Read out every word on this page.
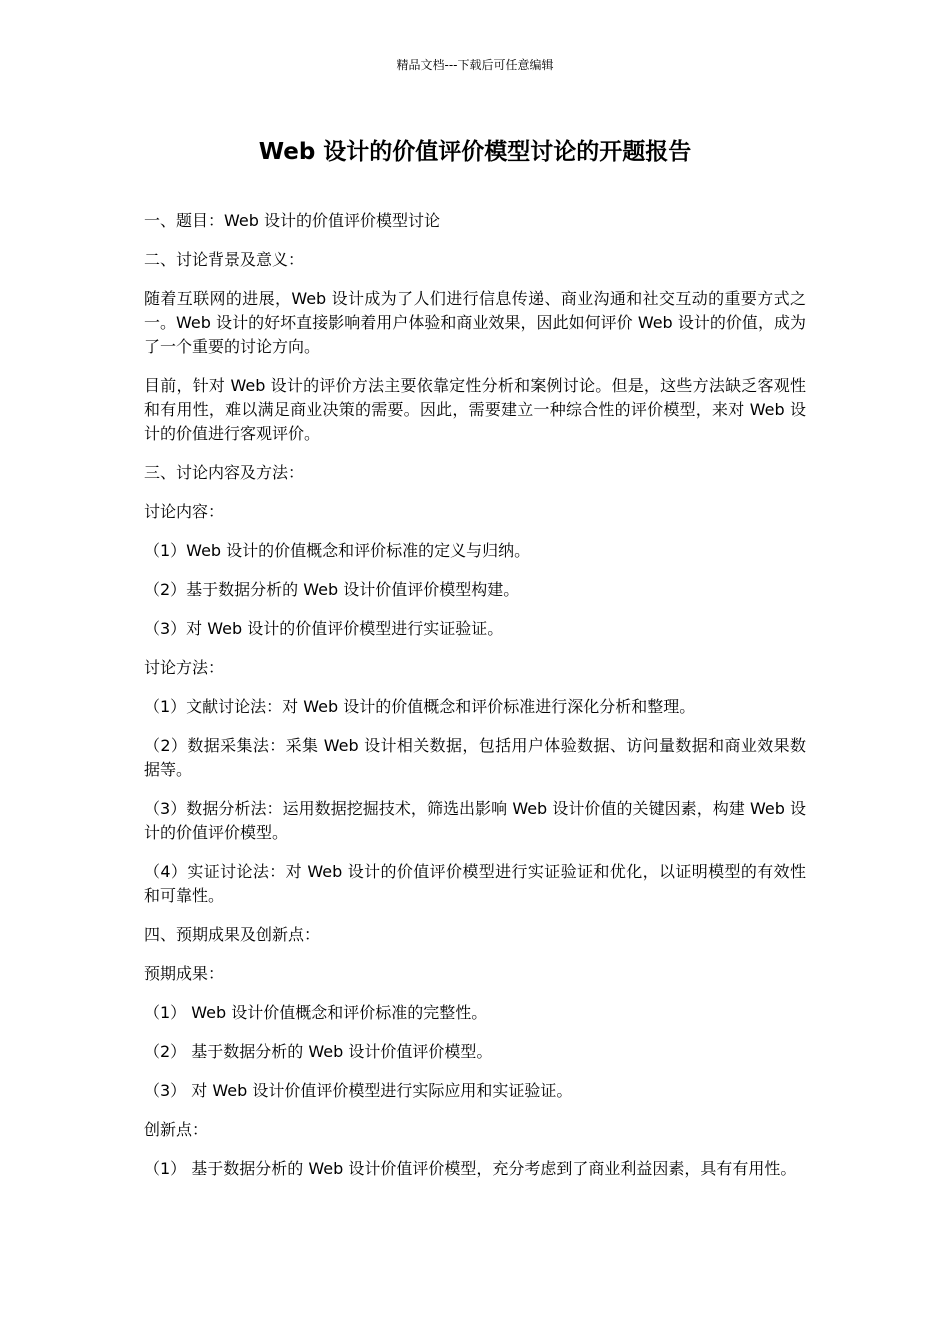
精品文档---下载后可任意编辑
Web 设计的价值评价模型讨论的开题报告

一、题目：Web 设计的价值评价模型讨论

二、讨论背景及意义：

随着互联网的进展，Web 设计成为了人们进行信息传递、商业沟通和社交互动的重要方式之一。Web 设计的好坏直接影响着用户体验和商业效果，因此如何评价 Web 设计的价值，成为了一个重要的讨论方向。

目前，针对 Web 设计的评价方法主要依靠定性分析和案例讨论。但是，这些方法缺乏客观性和有用性，难以满足商业决策的需要。因此，需要建立一种综合性的评价模型，来对 Web 设计的价值进行客观评价。

三、讨论内容及方法：

讨论内容：

（1）Web 设计的价值概念和评价标准的定义与归纳。

（2）基于数据分析的 Web 设计价值评价模型构建。

（3）对 Web 设计的价值评价模型进行实证验证。

讨论方法：

（1）文献讨论法：对 Web 设计的价值概念和评价标准进行深化分析和整理。

（2）数据采集法：采集 Web 设计相关数据，包括用户体验数据、访问量数据和商业效果数据等。

（3）数据分析法：运用数据挖掘技术，筛选出影响 Web 设计价值的关键因素，构建 Web 设计的价值评价模型。

（4）实证讨论法：对 Web 设计的价值评价模型进行实证验证和优化，以证明模型的有效性和可靠性。

四、预期成果及创新点：

预期成果：

（1） Web 设计价值概念和评价标准的完整性。

（2） 基于数据分析的 Web 设计价值评价模型。

（3） 对 Web 设计价值评价模型进行实际应用和实证验证。

创新点：

（1） 基于数据分析的 Web 设计价值评价模型，充分考虑到了商业利益因素，具有有用性。
